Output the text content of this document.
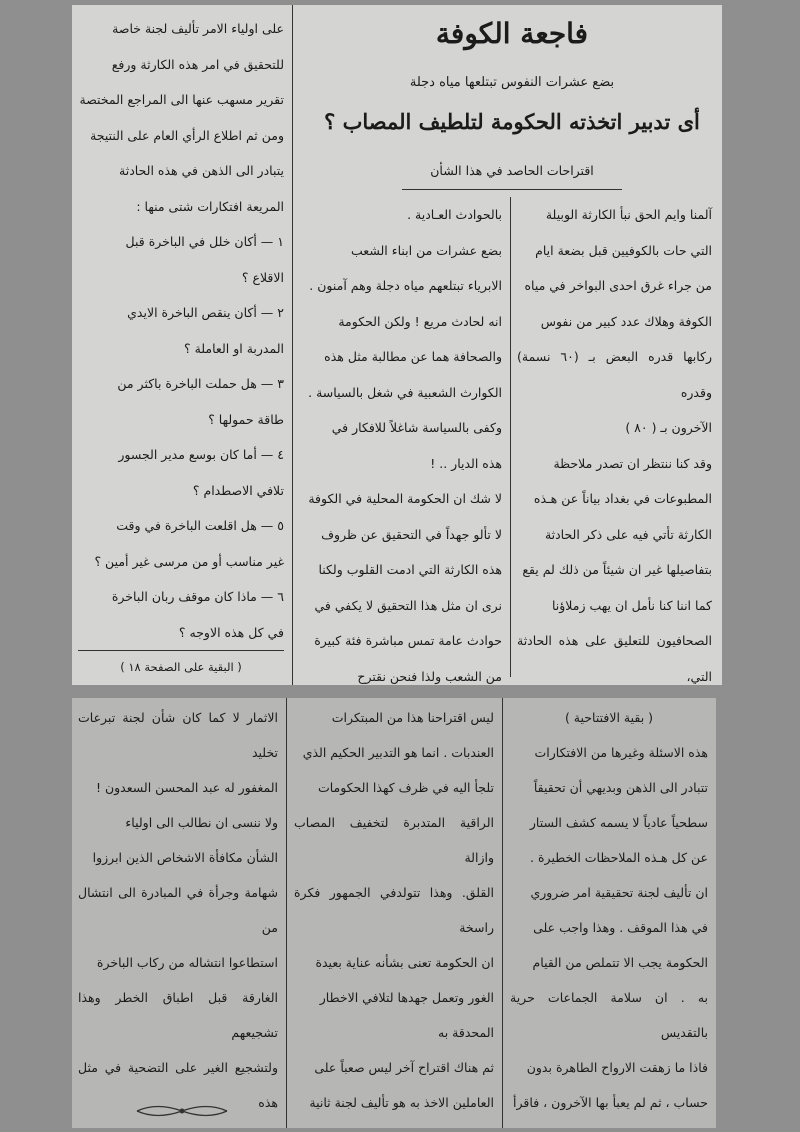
فاجعة الكوفة
بضع عشرات النفوس تبتلعها مياه دجلة
أى تدبير اتخذته الحكومة لتلطيف المصاب ؟
اقتراحات الحاصد في هذا الشأن

آلمنا وايم الحق نبأ الكارثة الوبيلة

التي حات بالكوفيين قبل بضعة ايام

من جراء غرق احدى البواخر في مياه

الكوفة وهلاك عدد كبير من نفوس

ركابها قدره البعض بـ (٦٠ نسمة) وقدره

الآخرون بـ ( ٨٠ )

وقد كنا ننتظر ان تصدر ملاحظة

المطبوعات في بغداد بياناً عن هـذه

الكارثة تأتي فيه على ذكر الحادثة

بتفاصيلها غير ان شيئاً من ذلك لم يقع

كما اننا كنا نأمل ان يهب زملاؤنا

الصحافيون للتعليق على هذه الحادثة التي،

بالحوادث العـادية .

بضع عشرات من ابناء الشعب

الابرياء تبتلعهم مياه دجلة وهم آمنون .

انه لحادث مريع ! ولكن الحكومة

والصحافة هما عن مطالبة مثل هذه

الكوارث الشعبية في شغل بالسياسة .

وكفى بالسياسة شاغلاً للافكار في

هذه الديار .. !

لا شك ان الحكومة المحلية في الكوفة

لا تألو جهداً في التحقيق عن ظروف

هذه الكارثة التي ادمت القلوب ولكنا

نرى ان مثل هذا التحقيق لا يكفي في

حوادث عامة تمس مباشرة فئة كبيرة

من الشعب ولذا فنحن نقترح

على اولياء الامر تأليف لجنة خاصة

للتحقيق في امر هذه الكارثة ورفع

تقرير مسهب عنها الى المراجع المختصة

ومن ثم اطلاع الرأي العام على النتيجة

يتبادر الى الذهن في هذه الحادثة

المريعة افتكارات شتى منها :

١ — أكان خلل في الباخرة قبل

الاقلاع ؟

٢ — أكان ينقص الباخرة الايدي

المدربة او العاملة ؟

٣ — هل حملت الباخرة باكثر من

طاقة حمولها ؟

٤ — أما كان بوسع مدير الجسور

تلافي الاصطدام ؟

٥ — هل اقلعت الباخرة في وقت

غير مناسب أو من مرسى غير أمين ؟

٦ — ماذا كان موقف ربان الباخرة

في كل هذه الاوجه ؟

( البقية على الصفحة ١٨ )

( بقية الافتتاحية )

هذه الاسئلة وغيرها من الافتكارات

تتبادر الى الذهن وبديهي أن تحقيقاً

سطحياً عادياً لا يسمه كشف الستار

عن كل هـذه الملاحظات الخطيرة .

ان تأليف لجنة تحقيقية امر ضروري

في هذا الموقف . وهذا واجب على

الحكومة يجب الا تتملص من القيام

به . ان سلامة الجماعات حرية بالتقديس

فاذا ما زهقت الارواح الطاهرة بدون

حساب ، ثم لم يعبأ بها الآخرون ، فاقرأ

ليس اقتراحنا هذا من المبتكرات

العندبات . انما هو التدبير الحكيم الذي

تلجأ اليه في ظرف كهذا الحكومات

الراقية المتدبرة لتخفيف المصاب وازالة

القلق. وهذا تتولدفي الجمهور فكرة راسخة

ان الحكومة تعنى بشأنه عناية بعيدة

الغور وتعمل جهدها لتلافي الاخطار

المحدقة به

ثم هناك اقتراح آخر ليس صعباً على

العاملين الاخذ به هو تأليف لجنة ثانية

الاثمار لا كما كان شأن لجنة تبرعات تخليد

المغفور له عبد المحسن السعدون !

ولا ننسى ان نطالب الى اولياء

الشأن مكافأة الاشخاص الذين ابرزوا

شهامة وجرأة في المبادرة الى انتشال من

استطاعوا انتشاله من ركاب الباخرة

الغارقة قبل اطباق الخطر وهذا تشجيعهم

ولتشجيع الغير على التضحية في مثل هذه
